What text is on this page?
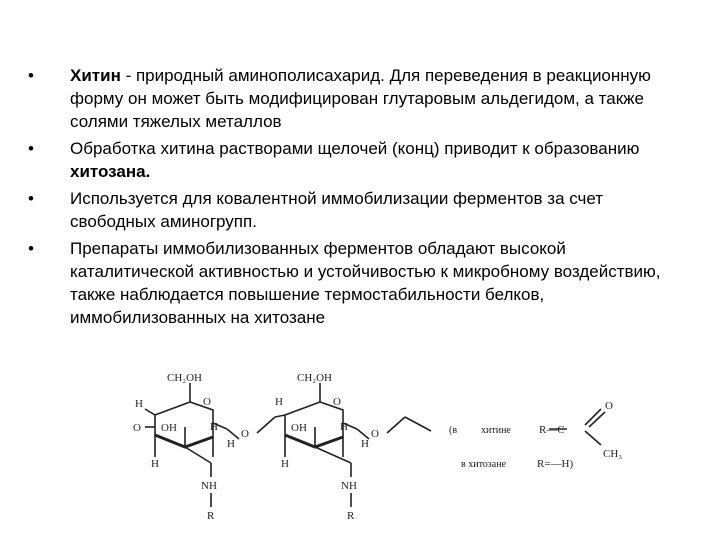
•	Хитин - природный аминополисахарид. Для переведения в реакционную форму он может быть модифицирован глутаровым альдегидом, а также солями тяжелых металлов
•	Обработка хитина растворами щелочей (конц) приводит к образованию хитозана.
•	Используется для ковалентной иммобилизации ферментов за счет свободных аминогрупп.
•	Препараты иммобилизованных ферментов обладают высокой каталитической активностью и устойчивостью к микробному воздействию, также наблюдается повышение термостабильности белков, иммобилизованных на хитозане
CH₂OH
H	O
O OH	H
H
H
NH
R
O
CH₂OH
H	O
OH	H
H
H
NH
R
O	(в хитине	R—C
O
CH₃
в хитозане	R=—H)
